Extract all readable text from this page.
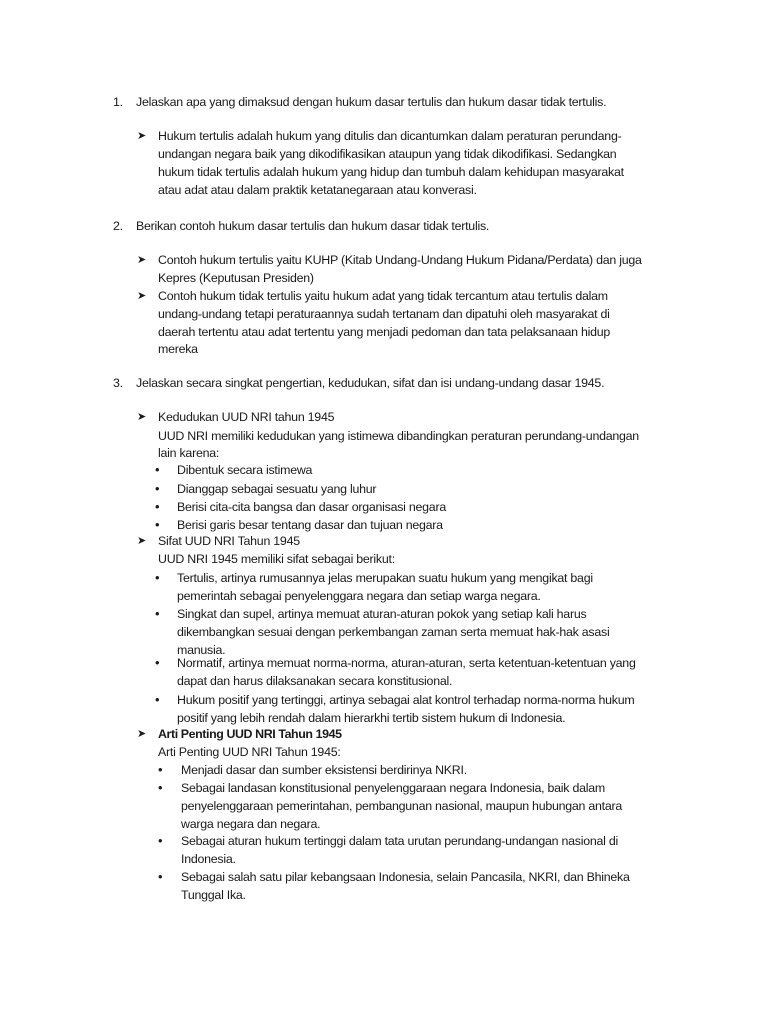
1. Jelaskan apa yang dimaksud dengan hukum dasar tertulis dan hukum dasar tidak tertulis.
➤ Hukum tertulis adalah hukum yang ditulis dan dicantumkan dalam peraturan perundang-
undangan negara baik yang dikodifikasikan ataupun yang tidak dikodifikasi. Sedangkan
hukum tidak tertulis adalah hukum yang hidup dan tumbuh dalam kehidupan masyarakat
atau adat atau dalam praktik ketatanegaraan atau konverasi.
2. Berikan contoh hukum dasar tertulis dan hukum dasar tidak tertulis.
➤ Contoh hukum tertulis yaitu KUHP (Kitab Undang-Undang Hukum Pidana/Perdata) dan juga
Kepres (Keputusan Presiden)
➤ Contoh hukum tidak tertulis yaitu hukum adat yang tidak tercantum atau tertulis dalam
undang-undang tetapi peraturaannya sudah tertanam dan dipatuhi oleh masyarakat di
daerah tertentu atau adat tertentu yang menjadi pedoman dan tata pelaksanaan hidup
mereka
3. Jelaskan secara singkat pengertian, kedudukan, sifat dan isi undang-undang dasar 1945.
➤ Kedudukan UUD NRI tahun 1945
UUD NRI memiliki kedudukan yang istimewa dibandingkan peraturan perundang-undangan
lain karena:
• Dibentuk secara istimewa
• Dianggap sebagai sesuatu yang luhur
• Berisi cita-cita bangsa dan dasar organisasi negara
• Berisi garis besar tentang dasar dan tujuan negara
➤ Sifat UUD NRI Tahun 1945
UUD NRI 1945 memiliki sifat sebagai berikut:
• Tertulis, artinya rumusannya jelas merupakan suatu hukum yang mengikat bagi
pemerintah sebagai penyelenggara negara dan setiap warga negara.
• Singkat dan supel, artinya memuat aturan-aturan pokok yang setiap kali harus
dikembangkan sesuai dengan perkembangan zaman serta memuat hak-hak asasi
manusia.
• Normatif, artinya memuat norma-norma, aturan-aturan, serta ketentuan-ketentuan yang
dapat dan harus dilaksanakan secara konstitusional.
• Hukum positif yang tertinggi, artinya sebagai alat kontrol terhadap norma-norma hukum
positif yang lebih rendah dalam hierarkhi tertib sistem hukum di Indonesia.
➤ Arti Penting UUD NRI Tahun 1945
Arti Penting UUD NRI Tahun 1945:
• Menjadi dasar dan sumber eksistensi berdirinya NKRI.
• Sebagai landasan konstitusional penyelenggaraan negara Indonesia, baik dalam
penyelenggaraan pemerintahan, pembangunan nasional, maupun hubungan antara
warga negara dan negara.
• Sebagai aturan hukum tertinggi dalam tata urutan perundang-undangan nasional di
Indonesia.
• Sebagai salah satu pilar kebangsaan Indonesia, selain Pancasila, NKRI, dan Bhineka
Tunggal Ika.
